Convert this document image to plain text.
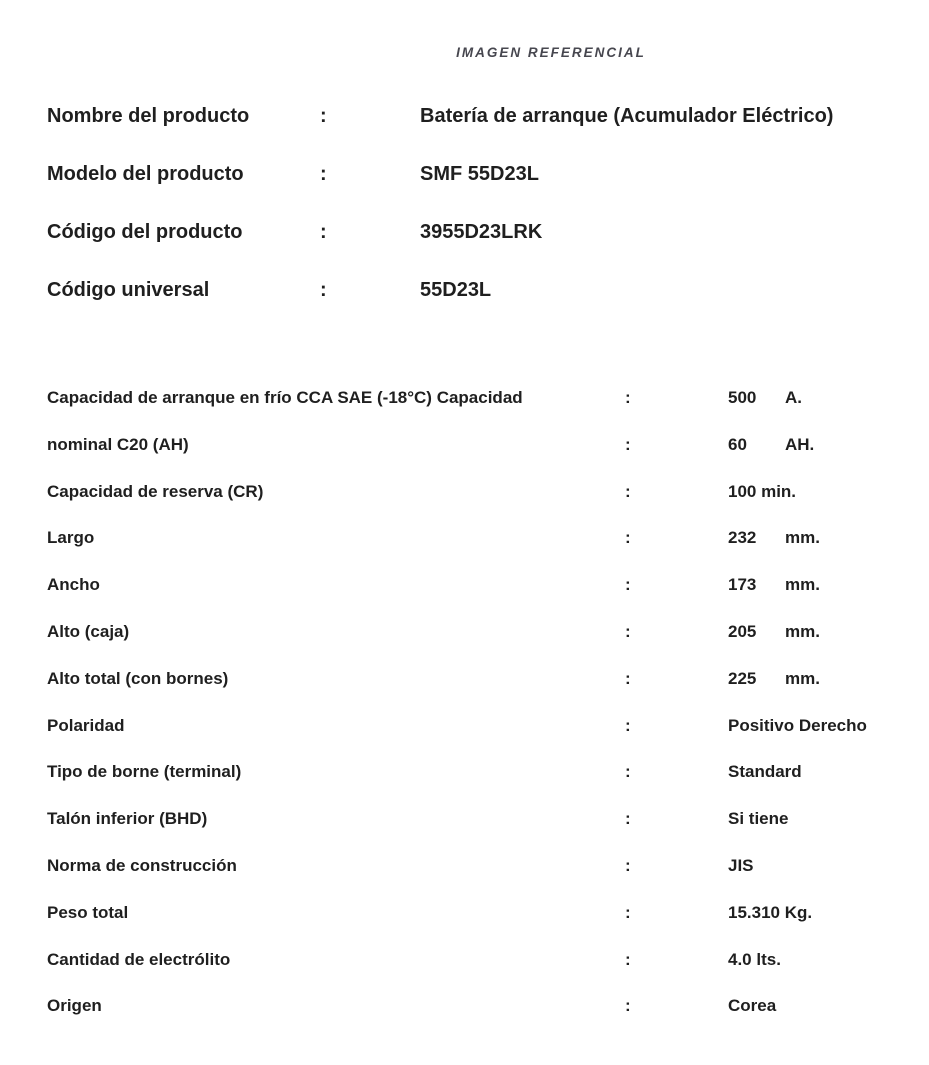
IMAGEN REFERENCIAL
Nombre del producto	:	Batería de arranque (Acumulador Eléctrico)
Modelo del producto	:	SMF 55D23L
Código del producto	:	3955D23LRK
Código universal	:	55D23L
Capacidad de arranque en frío CCA SAE (-18°C) Capacidad	:	500	A.
nominal C20 (AH)	:	60	AH.
Capacidad de reserva (CR)	:	100 min.
Largo	:	232	mm.
Ancho	:	173	mm.
Alto (caja)	:	205	mm.
Alto total (con bornes)	:	225	mm.
Polaridad	:	Positivo Derecho
Tipo de borne (terminal)	:	Standard
Talón inferior (BHD)	:	Si tiene
Norma de construcción	:	JIS
Peso total	:	15.310 Kg.
Cantidad de electrólito	:	4.0 lts.
Origen	:	Corea
